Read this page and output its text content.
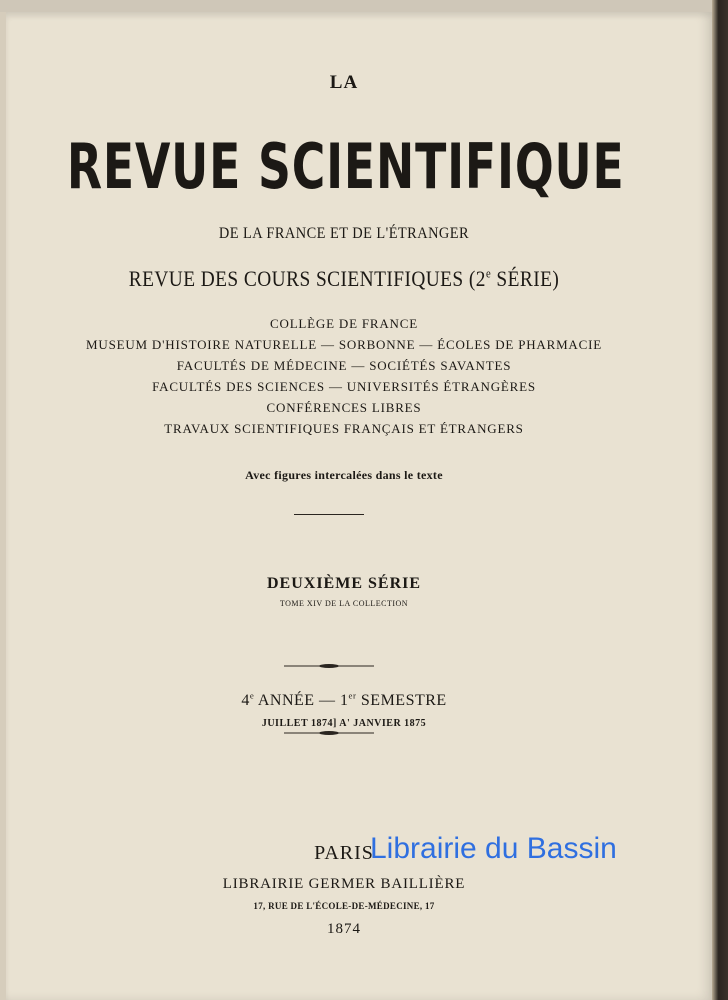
LA
REVUE SCIENTIFIQUE
DE LA FRANCE ET DE L'ÉTRANGER
REVUE DES COURS SCIENTIFIQUES (2e SÉRIE)
COLLÈGE DE FRANCE
MUSEUM D'HISTOIRE NATURELLE — SORBONNE — ÉCOLES DE PHARMACIE
FACULTÉS DE MÉDECINE — SOCIÉTÉS SAVANTES
FACULTÉS DES SCIENCES — UNIVERSITÉS ÉTRANGÈRES
CONFÉRENCES LIBRES
TRAVAUX SCIENTIFIQUES FRANÇAIS ET ÉTRANGERS
Avec figures intercalées dans le texte
DEUXIÈME SÉRIE
TOME XIV DE LA COLLECTION
4e ANNÉE — 1er SEMESTRE
JUILLET 1874] A' JANVIER 1875
PARIS
LIBRAIRIE GERMER BAILLIÈRE
17, RUE DE L'ÉCOLE-DE-MÉDECINE, 17
1874
Librairie du Bassin
